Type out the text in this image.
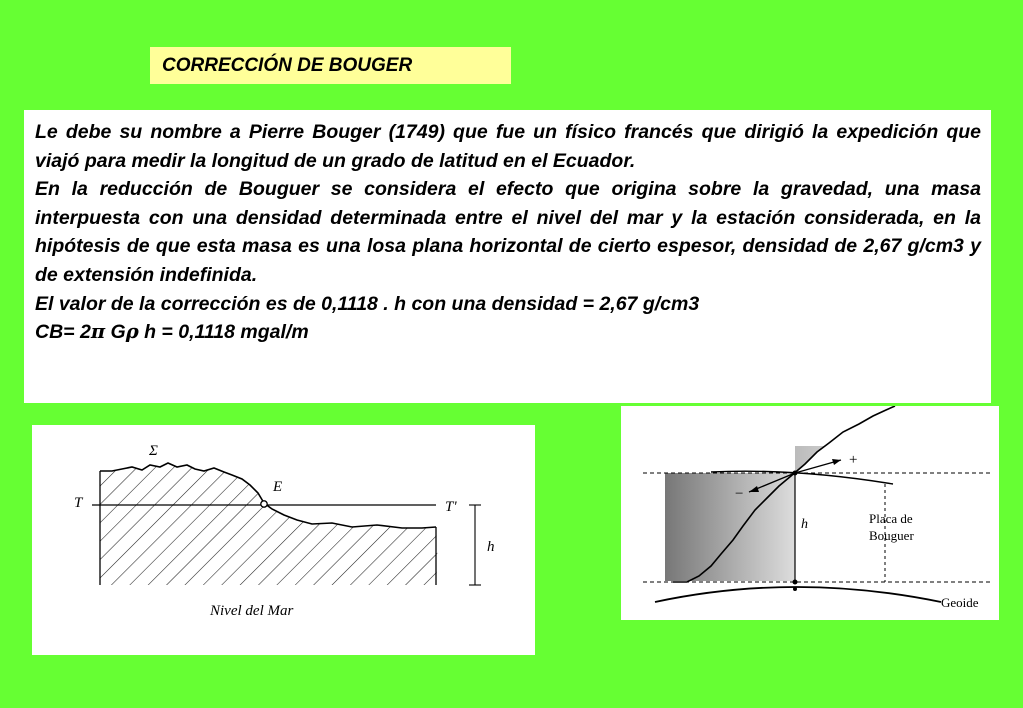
CORRECCIÓN DE BOUGER

Le debe su nombre a Pierre Bouger (1749) que fue un físico francés que dirigió la expedición que viajó para medir la longitud de un grado de latitud en el Ecuador.

En la reducción de Bouguer se considera el efecto que origina sobre la gravedad, una masa interpuesta con una densidad determinada entre el nivel del mar y la estación considerada, en la hipótesis de que esta masa es una losa plana horizontal de cierto espesor, densidad de 2,67 g/cm3 y de extensión indefinida.

El valor de la corrección es de 0,1118 . h con una densidad = 2,67 g/cm3

CB= 2π Gρ h = 0,1118 mgal/m

Σ
T
E
T'
h
Nivel del Mar
+
−
h	Placa de
Bouguer
Geoide
